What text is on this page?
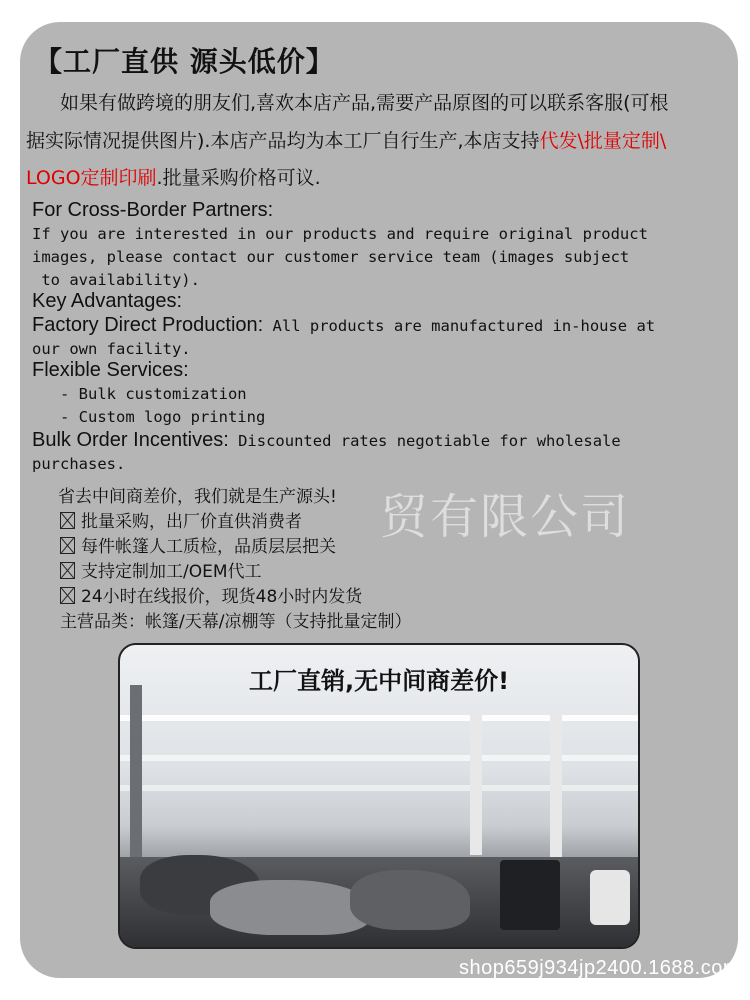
【工厂直供 源头低价】
如果有做跨境的朋友们,喜欢本店产品,需要产品原图的可以联系客服(可根
据实际情况提供图片).本店产品均为本工厂自行生产,本店支持代发\批量定制\
LOGO定制印刷.批量采购价格可议.
For Cross-Border Partners:
If you are interested in our products and require original product
images, please contact our customer service team (images subject
to availability).
Key Advantages:
Factory Direct Production: All products are manufactured in-house at
our own facility.
Flexible Services:
- Bulk customization
- Custom logo printing
Bulk Order Incentives: Discounted rates negotiable for wholesale
purchases.
贸有限公司
省去中间商差价，我们就是生产源头!
批量采购，出厂价直供消费者
每件帐篷人工质检，品质层层把关
支持定制加工/OEM代工
24小时在线报价，现货48小时内发货
主营品类：帐篷/天幕/凉棚等（支持批量定制）
工厂直销,无中间商差价!
shop659j934jp2400.1688.com
